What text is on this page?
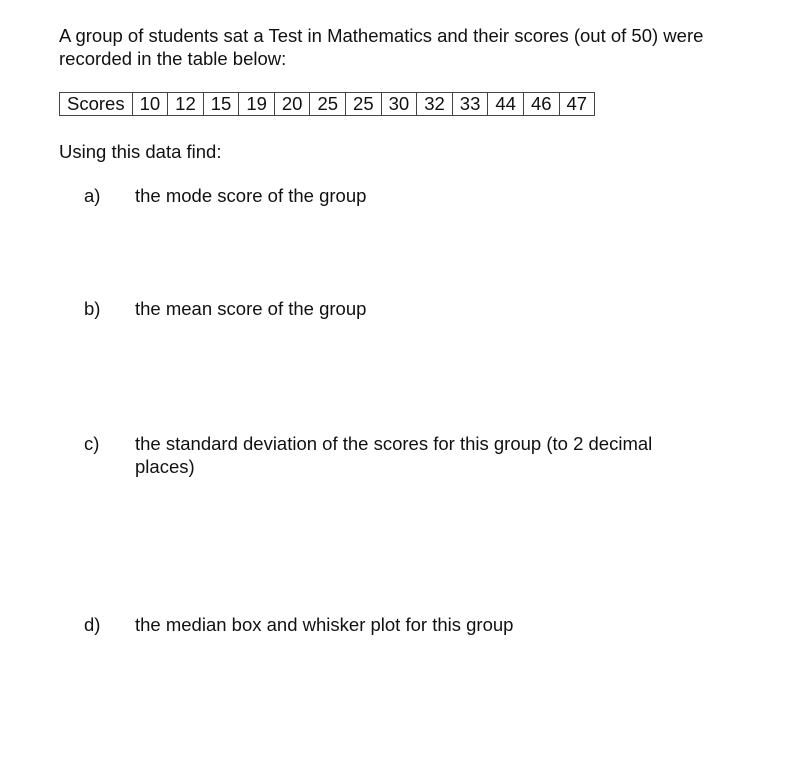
A group of students sat a Test in Mathematics and their scores (out of 50) were recorded in the table below:

Scores	10	12	15	19	20	25	25	30	32	33	44	46	47

Using this data find:

a) the mode score of the group
b) the mean score of the group
c) the standard deviation of the scores for this group (to 2 decimal places)
d) the median box and whisker plot for this group
